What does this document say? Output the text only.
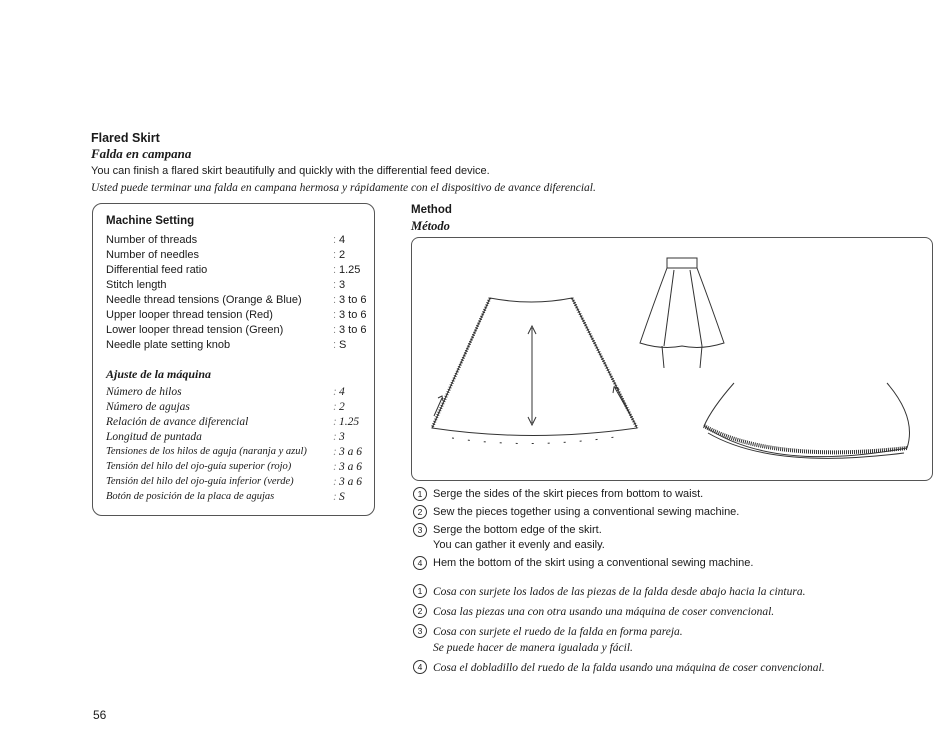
Flared Skirt
Falda en campana
You can finish a flared skirt beautifully and quickly with the differential feed device.
Usted puede terminar una falda en campana hermosa y rápidamente con el dispositivo de avance diferencial.
Machine Setting
Number of threads	: 4
Number of needles	: 2
Differential feed ratio	: 1.25
Stitch length	: 3
Needle thread tensions (Orange & Blue)	: 3 to 6
Upper looper thread tension (Red)	: 3 to 6
Lower looper thread tension (Green)	: 3 to 6
Needle plate setting knob	: S
Ajuste de la máquina
Número de hilos	: 4
Número de agujas	: 2
Relación de avance diferencial	: 1.25
Longitud de puntada	: 3
Tensiones de los hilos de aguja (naranja y azul) : 3 a 6
Tensión del hilo del ojo-guía superior (rojo)	: 3 a 6
Tensión del hilo del ojo-guía inferior (verde)	: 3 a 6
Botón de posición de la placa de agujas	: S
Method
Método
1 Serge the sides of the skirt pieces from bottom to waist.
2 Sew the pieces together using a conventional sewing machine.
3 Serge the bottom edge of the skirt.
You can gather it evenly and easily.
4 Hem the bottom of the skirt using a conventional sewing machine.
1 Cosa con surjete los lados de las piezas de la falda desde abajo hacia la cintura.
2 Cosa las piezas una con otra usando una máquina de coser convencional.
3 Cosa con surjete el ruedo de la falda en forma pareja.
Se puede hacer de manera igualada y fácil.
4 Cosa el dobladillo del ruedo de la falda usando una máquina de coser convencional.
56
